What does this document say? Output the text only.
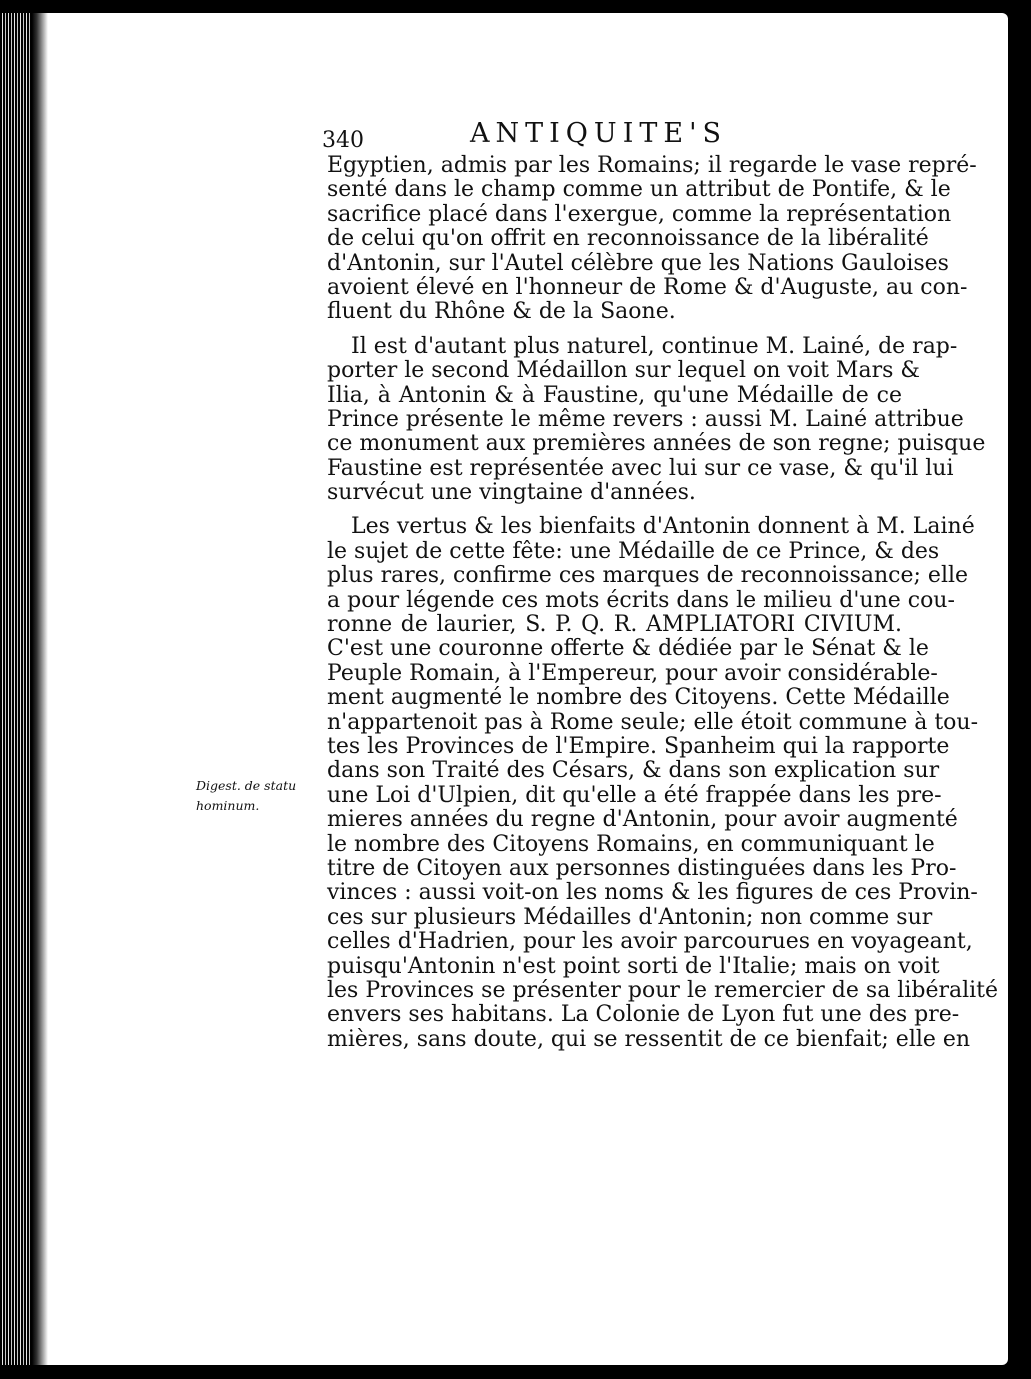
340	ANTIQUITE'S
Digest. de statu
hominum.
Egyptien, admis par les Romains; il regarde le vase repré-
senté dans le champ comme un attribut de Pontife, & le
sacrifice placé dans l'exergue, comme la représentation
de celui qu'on offrit en reconnoissance de la libéralité
d'Antonin, sur l'Autel célèbre que les Nations Gauloises
avoient élevé en l'honneur de Rome & d'Auguste, au con-
fluent du Rhône & de la Saone.
Il est d'autant plus naturel, continue M. Lainé, de rap-
porter le second Médaillon sur lequel on voit Mars &
Ilia, à Antonin & à Faustine, qu'une Médaille de ce
Prince présente le même revers : aussi M. Lainé attribue
ce monument aux premières années de son regne; puisque
Faustine est représentée avec lui sur ce vase, & qu'il lui
survécut une vingtaine d'années.
Les vertus & les bienfaits d'Antonin donnent à M. Lainé
le sujet de cette fête: une Médaille de ce Prince, & des
plus rares, confirme ces marques de reconnoissance; elle
a pour légende ces mots écrits dans le milieu d'une cou-
ronne de laurier, S. P. Q. R. AMPLIATORI CIVIUM.
C'est une couronne offerte & dédiée par le Sénat & le
Peuple Romain, à l'Empereur, pour avoir considérable-
ment augmenté le nombre des Citoyens. Cette Médaille
n'appartenoit pas à Rome seule; elle étoit commune à tou-
tes les Provinces de l'Empire. Spanheim qui la rapporte
dans son Traité des Césars, & dans son explication sur
une Loi d'Ulpien, dit qu'elle a été frappée dans les pre-
mieres années du regne d'Antonin, pour avoir augmenté
le nombre des Citoyens Romains, en communiquant le
titre de Citoyen aux personnes distinguées dans les Pro-
vinces : aussi voit-on les noms & les figures de ces Provin-
ces sur plusieurs Médailles d'Antonin; non comme sur
celles d'Hadrien, pour les avoir parcourues en voyageant,
puisqu'Antonin n'est point sorti de l'Italie; mais on voit
les Provinces se présenter pour le remercier de sa libéralité
envers ses habitans. La Colonie de Lyon fut une des pre-
mières, sans doute, qui se ressentit de ce bienfait; elle en
